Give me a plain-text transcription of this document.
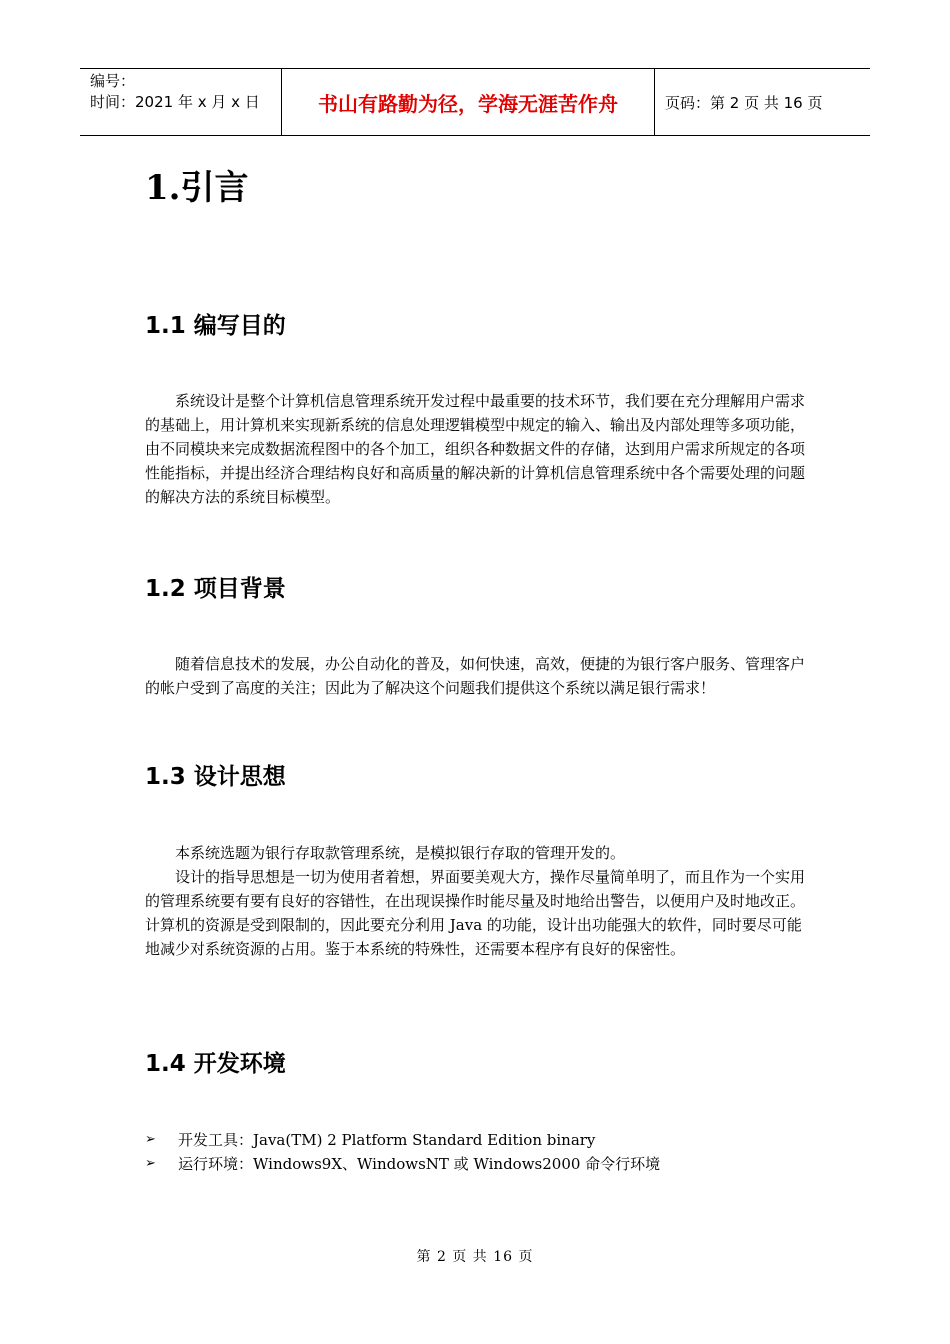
编号：
时间：2021 年 x 月 x 日	书山有路勤为径，学海无涯苦作舟	页码：第 2 页 共 16 页
1.引言
1.1 编写目的

系统设计是整个计算机信息管理系统开发过程中最重要的技术环节，我们要在充分理解用户需求的基础上，用计算机来实现新系统的信息处理逻辑模型中规定的输入、输出及内部处理等多项功能，由不同模块来完成数据流程图中的各个加工，组织各种数据文件的存储，达到用户需求所规定的各项性能指标，并提出经济合理结构良好和高质量的解决新的计算机信息管理系统中各个需要处理的问题的解决方法的系统目标模型。

1.2 项目背景

随着信息技术的发展，办公自动化的普及，如何快速，高效，便捷的为银行客户服务、管理客户的帐户受到了高度的关注；因此为了解决这个问题我们提供这个系统以满足银行需求！

1.3 设计思想

本系统选题为银行存取款管理系统，是模拟银行存取的管理开发的。

设计的指导思想是一切为使用者着想，界面要美观大方，操作尽量简单明了，而且作为一个实用的管理系统要有要有良好的容错性，在出现误操作时能尽量及时地给出警告，以便用户及时地改正。计算机的资源是受到限制的，因此要充分利用 Java 的功能，设计出功能强大的软件，同时要尽可能地减少对系统资源的占用。鉴于本系统的特殊性，还需要本程序有良好的保密性。

1.4 开发环境
➢	开发工具：Java(TM) 2 Platform Standard Edition binary
➢	运行环境：Windows9X、WindowsNT 或 Windows2000 命令行环境
第 2 页 共 16 页
